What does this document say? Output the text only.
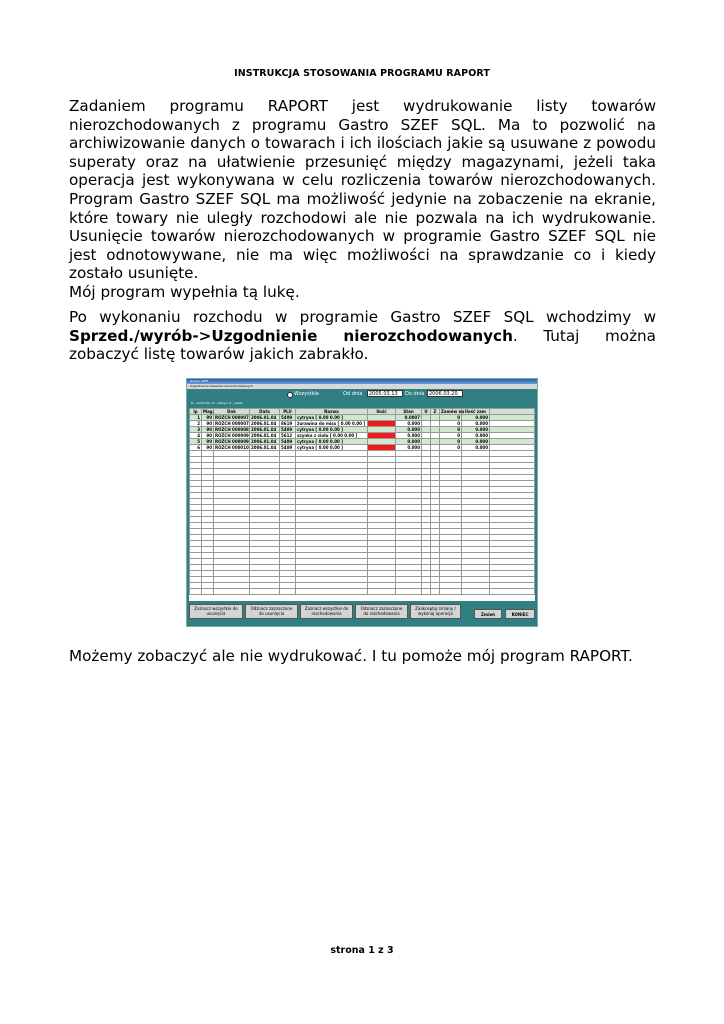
INSTRUKCJA STOSOWANIA PROGRAMU RAPORT

Zadaniem programu RAPORT jest wydrukowanie listy towarów nierozchodowanych z programu Gastro SZEF SQL. Ma to pozwolić na archiwizowanie danych o towarach i ich ilościach jakie są usuwane z powodu superaty oraz na ułatwienie przesunięć między magazynami, jeżeli taka operacja jest wykonywana w celu rozliczenia towarów nierozchodowanych. Program Gastro SZEF SQL ma możliwość jedynie na zobaczenie na ekranie, które towary nie uległy rozchodowi ale nie pozwala na ich wydrukowanie. Usunięcie towarów nierozchodowanych w programie Gastro SZEF SQL nie jest odnotowywane, nie ma więc możliwości na sprawdzanie co i kiedy zostało usunięte.

Mój program wypełnia tą lukę.

Po wykonaniu rozchodu w programie Gastro SZEF SQL wchodzimy w Sprzed./wyrób->Uzgodnienie nierozchodowanych. Tutaj można zobaczyć listę towarów jakich zabrakło.

Gastro SZEF
Uzgodnienie towarów nierozchodowanych
Wszystkie	Od dnia	2005.03.13	Do dnia 2006.03.20
R - rozchodz / Z - zakup / Z - zakaz
lp	Mag.	Dok	Data	PLU	Nazwa	Ilość	Stan	U	Z	Zamów na	Ilość zam	
1	90	ROZCH 000007	2006.01.04	5409	cytryna [ 0.00 0.00 ]		0.0007			0	0.000	
2	90	ROZCH 000007	2006.01.04	8619	żurawina do miss [ 0.00 0.00 ]		0.000			0	0.000	
3	90	ROZCH 000008	2006.01.04	5409	cytryna [ 0.00 0.00 ]		0.000			0	0.000	
4	90	ROZCH 000009	2006.01.04	5612	szynka z ziołu [ 0.00 0.00 ]		0.000			0	0.000	
5	90	ROZCH 000009	2006.01.04	5409	cytryna [ 0.00 0.00 ]		0.000			0	0.000	
6	90	ROZCH 000010	2006.01.04	5409	cytryna [ 0.00 0.00 ]		0.000			0	0.000	

Zaznacz wszystkie do
usunięcia
Odznacz zaznaczone
do usunięcia
Zaznacz wszystkie do
rozchodowania
Odznacz zaznaczone
do rozchodowania
Zaakceptuj zmiany /
wykonaj operacje	Zmień	KONIEC

Możemy zobaczyć ale nie wydrukować. I tu pomoże mój program RAPORT.

strona 1 z 3
